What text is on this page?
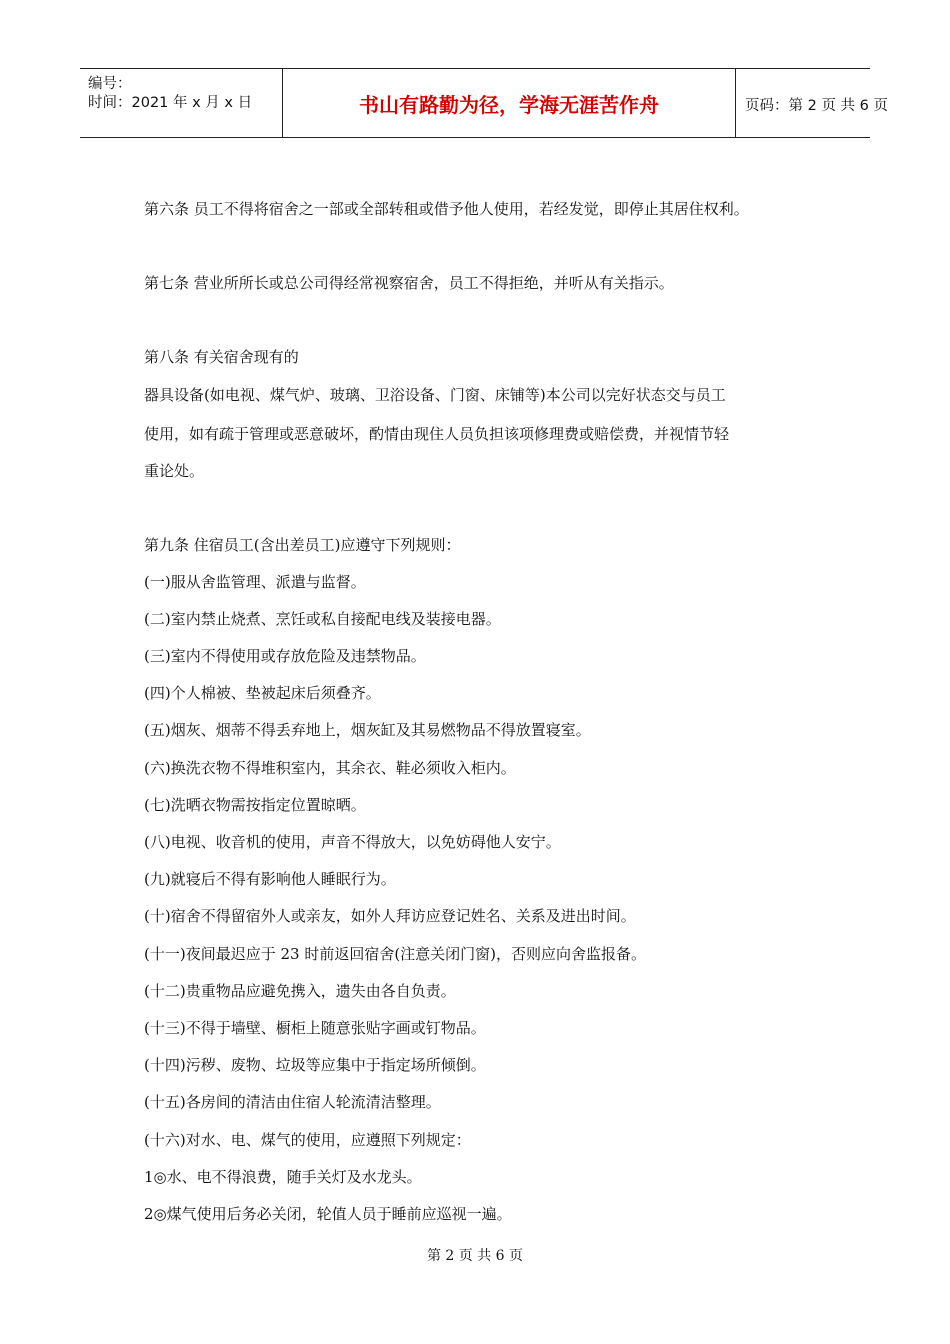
编号：
时间：2021 年 x 月 x 日	书山有路勤为径，学海无涯苦作舟	页码：第 2 页 共 6 页
第六条 员工不得将宿舍之一部或全部转租或借予他人使用，若经发觉，即停止其居住权利。
第七条 营业所所长或总公司得经常视察宿舍，员工不得拒绝，并听从有关指示。
第八条 有关宿舍现有的
器具设备(如电视、煤气炉、玻璃、卫浴设备、门窗、床铺等)本公司以完好状态交与员工
使用，如有疏于管理或恶意破坏，酌情由现住人员负担该项修理费或赔偿费，并视情节轻
重论处。
第九条 住宿员工(含出差员工)应遵守下列规则：
(一)服从舍监管理、派遣与监督。
(二)室内禁止烧煮、烹饪或私自接配电线及装接电器。
(三)室内不得使用或存放危险及违禁物品。
(四)个人棉被、垫被起床后须叠齐。
(五)烟灰、烟蒂不得丢弃地上，烟灰缸及其易燃物品不得放置寝室。
(六)换洗衣物不得堆积室内，其余衣、鞋必须收入柜内。
(七)洗晒衣物需按指定位置晾晒。
(八)电视、收音机的使用，声音不得放大，以免妨碍他人安宁。
(九)就寝后不得有影响他人睡眠行为。
(十)宿舍不得留宿外人或亲友，如外人拜访应登记姓名、关系及进出时间。
(十一)夜间最迟应于 23 时前返回宿舍(注意关闭门窗)，否则应向舍监报备。
(十二)贵重物品应避免携入，遗失由各自负责。
(十三)不得于墙壁、橱柜上随意张贴字画或钉物品。
(十四)污秽、废物、垃圾等应集中于指定场所倾倒。
(十五)各房间的清洁由住宿人轮流清洁整理。
(十六)对水、电、煤气的使用，应遵照下列规定：
1◎水、电不得浪费，随手关灯及水龙头。
2◎煤气使用后务必关闭，轮值人员于睡前应巡视一遍。
第 2 页 共 6 页
